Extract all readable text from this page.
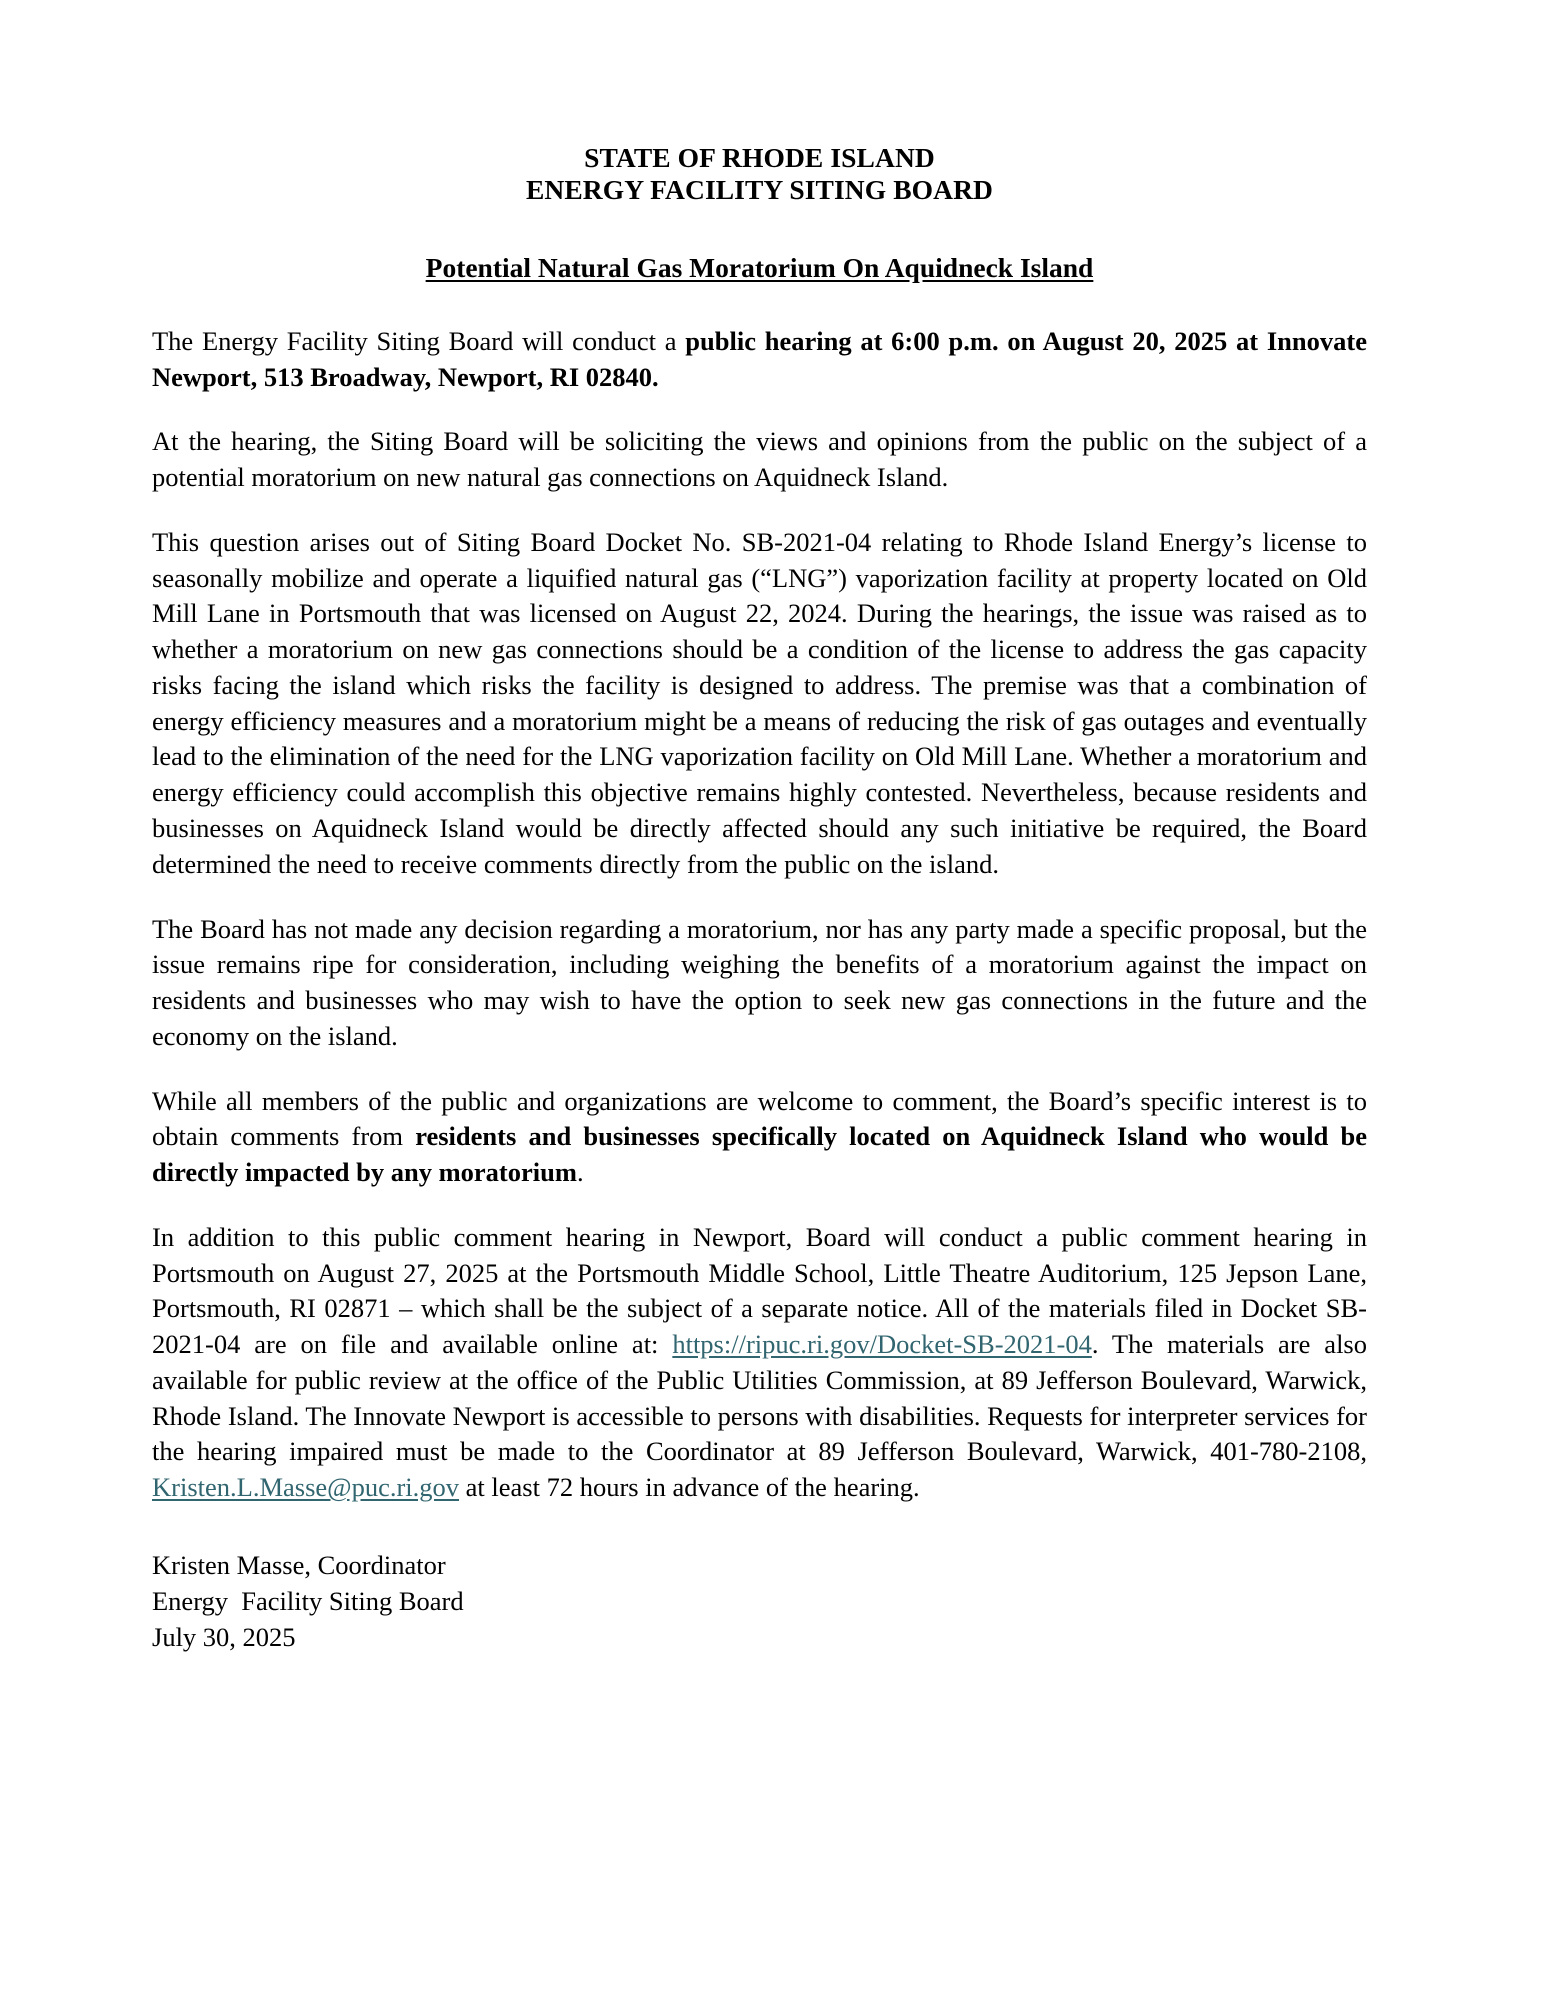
STATE OF RHODE ISLAND
ENERGY FACILITY SITING BOARD
Potential Natural Gas Moratorium On Aquidneck Island

The Energy Facility Siting Board will conduct a public hearing at 6:00 p.m. on August 20, 2025 at Innovate Newport, 513 Broadway, Newport, RI 02840.

At the hearing, the Siting Board will be soliciting the views and opinions from the public on the subject of a potential moratorium on new natural gas connections on Aquidneck Island.

This question arises out of Siting Board Docket No. SB-2021-04 relating to Rhode Island Energy’s license to seasonally mobilize and operate a liquified natural gas (“LNG”) vaporization facility at property located on Old Mill Lane in Portsmouth that was licensed on August 22, 2024. During the hearings, the issue was raised as to whether a moratorium on new gas connections should be a condition of the license to address the gas capacity risks facing the island which risks the facility is designed to address. The premise was that a combination of energy efficiency measures and a moratorium might be a means of reducing the risk of gas outages and eventually lead to the elimination of the need for the LNG vaporization facility on Old Mill Lane. Whether a moratorium and energy efficiency could accomplish this objective remains highly contested. Nevertheless, because residents and businesses on Aquidneck Island would be directly affected should any such initiative be required, the Board determined the need to receive comments directly from the public on the island.

The Board has not made any decision regarding a moratorium, nor has any party made a specific proposal, but the issue remains ripe for consideration, including weighing the benefits of a moratorium against the impact on residents and businesses who may wish to have the option to seek new gas connections in the future and the economy on the island.

While all members of the public and organizations are welcome to comment, the Board’s specific interest is to obtain comments from residents and businesses specifically located on Aquidneck Island who would be directly impacted by any moratorium.

In addition to this public comment hearing in Newport, Board will conduct a public comment hearing in Portsmouth on August 27, 2025 at the Portsmouth Middle School, Little Theatre Auditorium, 125 Jepson Lane, Portsmouth, RI 02871 – which shall be the subject of a separate notice. All of the materials filed in Docket SB-2021-04 are on file and available online at: https://ripuc.ri.gov/Docket-SB-2021-04. The materials are also available for public review at the office of the Public Utilities Commission, at 89 Jefferson Boulevard, Warwick, Rhode Island. The Innovate Newport is accessible to persons with disabilities. Requests for interpreter services for the hearing impaired must be made to the Coordinator at 89 Jefferson Boulevard, Warwick, 401-780-2108, Kristen.L.Masse@puc.ri.gov at least 72 hours in advance of the hearing.

Kristen Masse, Coordinator
Energy  Facility Siting Board
July 30, 2025
